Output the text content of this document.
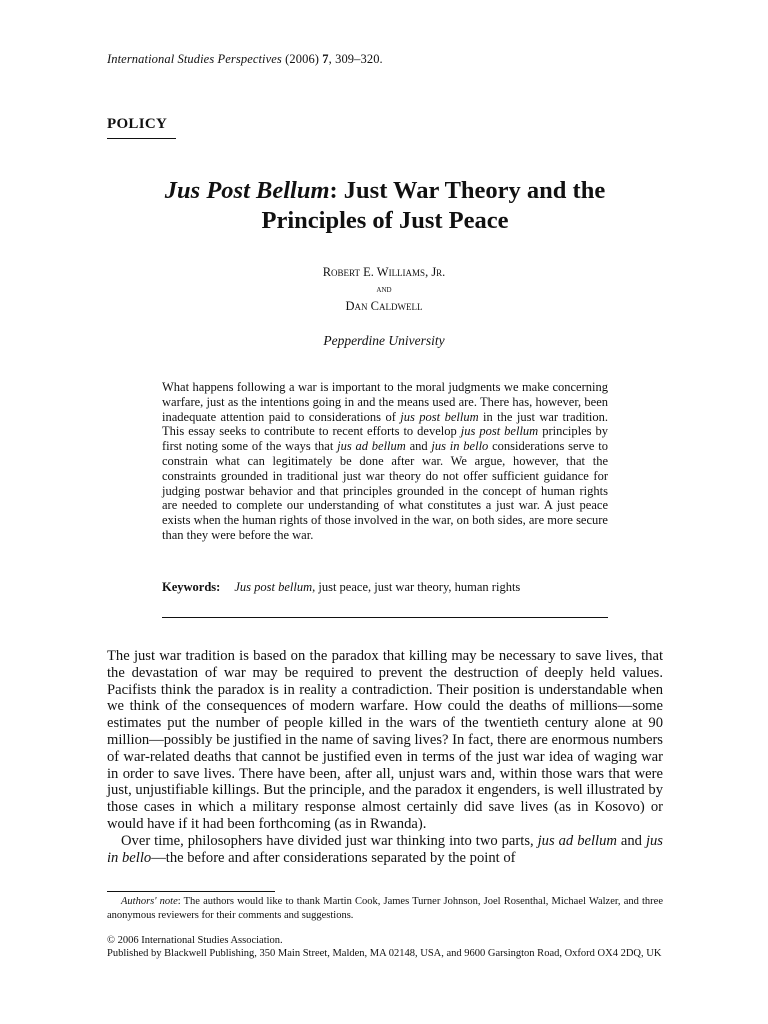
International Studies Perspectives (2006) 7, 309–320.
POLICY
Jus Post Bellum: Just War Theory and the
Principles of Just Peace
Robert E. Williams, Jr.
and
Dan Caldwell
Pepperdine University
What happens following a war is important to the moral judgments we make concerning warfare, just as the intentions going in and the means used are. There has, however, been inadequate attention paid to considerations of jus post bellum in the just war tradition. This essay seeks to contribute to recent efforts to develop jus post bellum principles by first noting some of the ways that jus ad bellum and jus in bello considerations serve to constrain what can legitimately be done after war. We argue, however, that the constraints grounded in traditional just war theory do not offer sufficient guidance for judging postwar behavior and that principles grounded in the concept of human rights are needed to complete our understanding of what constitutes a just war. A just peace exists when the human rights of those involved in the war, on both sides, are more secure than they were before the war.
Keywords: Jus post bellum, just peace, just war theory, human rights

The just war tradition is based on the paradox that killing may be necessary to save lives, that the devastation of war may be required to prevent the destruction of deeply held values. Pacifists think the paradox is in reality a contradiction. Their position is understandable when we think of the consequences of modern warfare. How could the deaths of millions—some estimates put the number of people killed in the wars of the twentieth century alone at 90 million—possibly be justified in the name of saving lives? In fact, there are enormous numbers of war-related deaths that cannot be justified even in terms of the just war idea of waging war in order to save lives. There have been, after all, unjust wars and, within those wars that were just, unjustifiable killings. But the principle, and the paradox it engenders, is well illustrated by those cases in which a military response almost certainly did save lives (as in Kosovo) or would have if it had been forthcoming (as in Rwanda).

Over time, philosophers have divided just war thinking into two parts, jus ad bellum and jus in bello—the before and after considerations separated by the point of

Authors' note: The authors would like to thank Martin Cook, James Turner Johnson, Joel Rosenthal, Michael Walzer, and three anonymous reviewers for their comments and suggestions.
© 2006 International Studies Association.
Published by Blackwell Publishing, 350 Main Street, Malden, MA 02148, USA, and 9600 Garsington Road, Oxford OX4 2DQ, UK
